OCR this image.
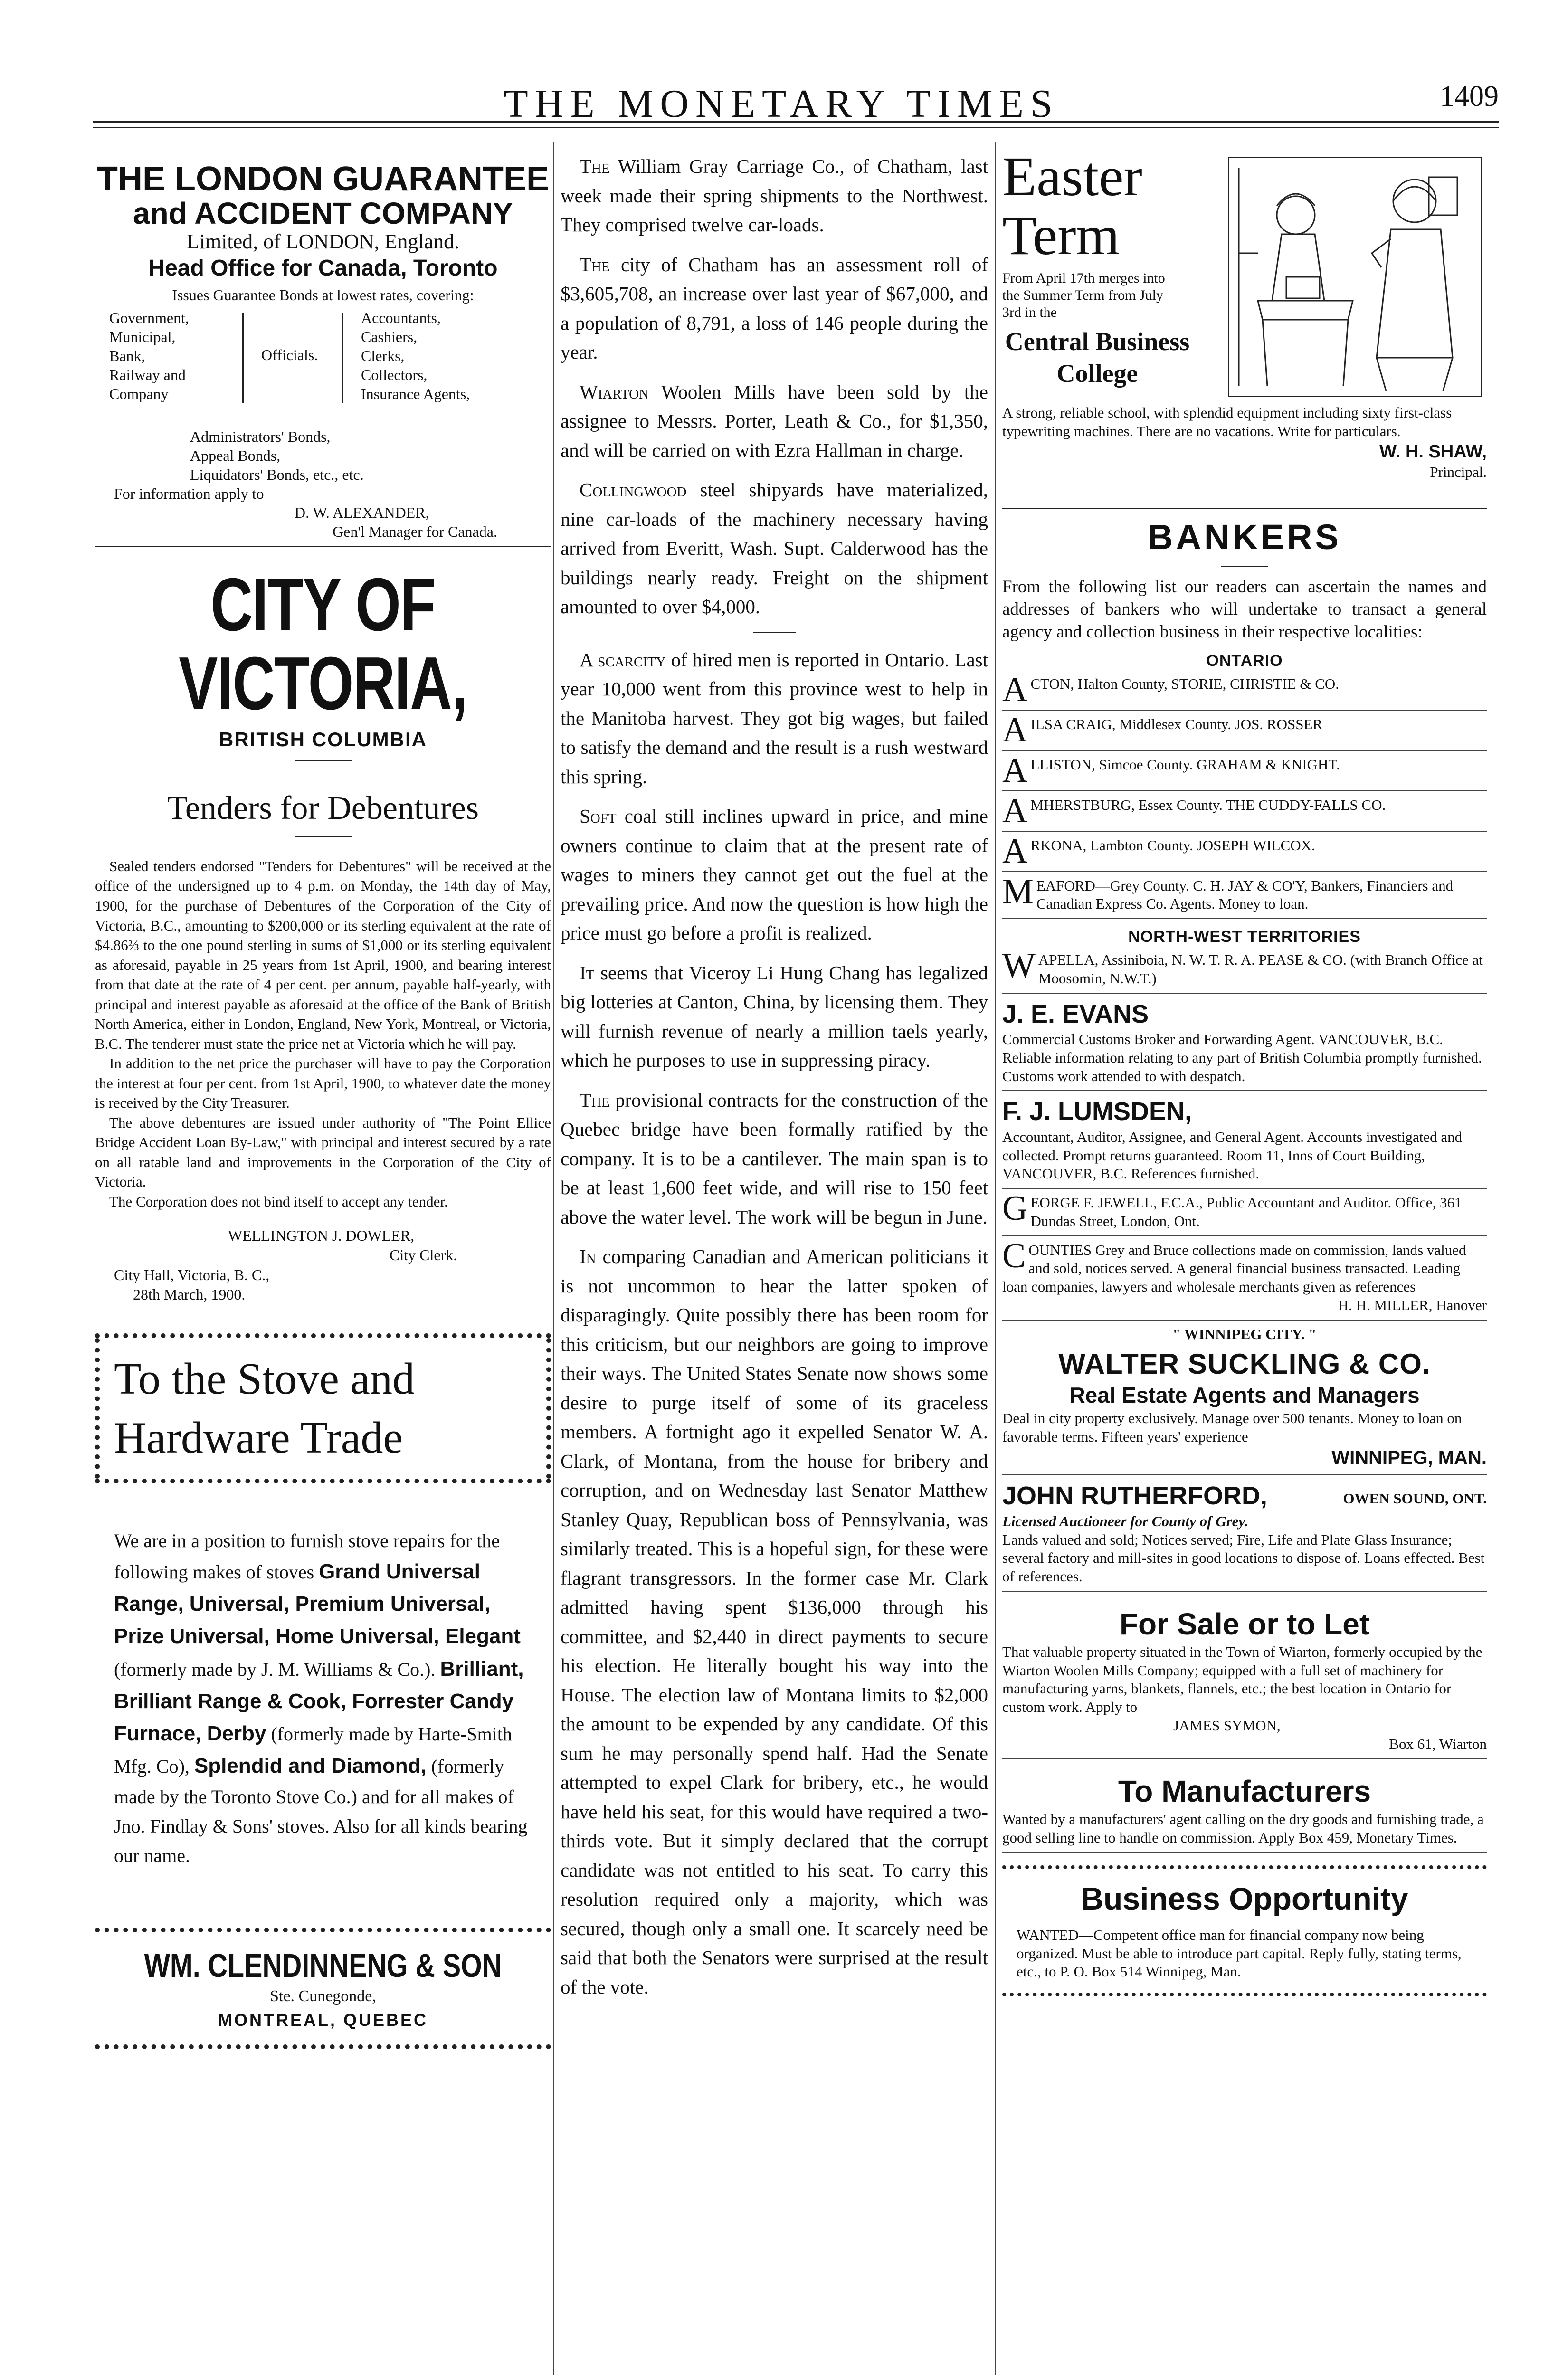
THE MONETARY TIMES	1409
THE LONDON GUARANTEE
and ACCIDENT COMPANY
Limited, of LONDON, England.
Head Office for Canada, Toronto
Issues Guarantee Bonds at lowest rates, covering:
Government,
Municipal,
Bank,
Railway and
Company
Officials.
Accountants,
Cashiers,
Clerks,
Collectors,
Insurance Agents,
Administrators' Bonds,
Appeal Bonds,
Liquidators' Bonds, etc., etc.
For information apply to
D. W. ALEXANDER,
Gen'l Manager for Canada.
CITY OF VICTORIA,
BRITISH COLUMBIA
Tenders for Debentures

Sealed tenders endorsed "Tenders for Debentures" will be received at the office of the undersigned up to 4 p.m. on Monday, the 14th day of May, 1900, for the purchase of Debentures of the Corporation of the City of Victoria, B.C., amounting to $200,000 or its sterling equivalent at the rate of $4.86⅔ to the one pound sterling in sums of $1,000 or its sterling equivalent as aforesaid, payable in 25 years from 1st April, 1900, and bearing interest from that date at the rate of 4 per cent. per annum, payable half-yearly, with principal and interest payable as aforesaid at the office of the Bank of British North America, either in London, England, New York, Montreal, or Victoria, B.C. The tenderer must state the price net at Victoria which he will pay.

In addition to the net price the purchaser will have to pay the Corporation the interest at four per cent. from 1st April, 1900, to whatever date the money is received by the City Treasurer.

The above debentures are issued under authority of "The Point Ellice Bridge Accident Loan By-Law," with principal and interest secured by a rate on all ratable land and improvements in the Corporation of the City of Victoria.

The Corporation does not bind itself to accept any tender.

WELLINGTON J. DOWLER,
City Clerk.
City Hall, Victoria, B. C.,
28th March, 1900.
To the Stove and
Hardware Trade
We are in a position to furnish stove repairs for the following makes of stoves Grand Universal Range, Universal, Premium Universal, Prize Universal, Home Universal, Elegant (formerly made by J. M. Williams & Co.). Brilliant, Brilliant Range & Cook, Forrester Candy Furnace, Derby (formerly made by Harte-Smith Mfg. Co), Splendid and Diamond, (formerly made by the Toronto Stove Co.) and for all makes of Jno. Findlay & Sons' stoves. Also for all kinds bearing our name.
WM. CLENDINNENG & SON
Ste. Cunegonde,
MONTREAL, QUEBEC

The William Gray Carriage Co., of Chatham, last week made their spring shipments to the Northwest. They comprised twelve car-loads.

The city of Chatham has an assessment roll of $3,605,708, an increase over last year of $67,000, and a population of 8,791, a loss of 146 people during the year.

Wiarton Woolen Mills have been sold by the assignee to Messrs. Porter, Leath & Co., for $1,350, and will be carried on with Ezra Hallman in charge.

Collingwood steel shipyards have materialized, nine car-loads of the machinery necessary having arrived from Everitt, Wash. Supt. Calderwood has the buildings nearly ready. Freight on the shipment amounted to over $4,000.

A scarcity of hired men is reported in Ontario. Last year 10,000 went from this province west to help in the Manitoba harvest. They got big wages, but failed to satisfy the demand and the result is a rush westward this spring.

Soft coal still inclines upward in price, and mine owners continue to claim that at the present rate of wages to miners they cannot get out the fuel at the prevailing price. And now the question is how high the price must go before a profit is realized.

It seems that Viceroy Li Hung Chang has legalized big lotteries at Canton, China, by licensing them. They will furnish revenue of nearly a million taels yearly, which he purposes to use in suppressing piracy.

The provisional contracts for the construction of the Quebec bridge have been formally ratified by the company. It is to be a cantilever. The main span is to be at least 1,600 feet wide, and will rise to 150 feet above the water level. The work will be begun in June.

In comparing Canadian and American politicians it is not uncommon to hear the latter spoken of disparagingly. Quite possibly there has been room for this criticism, but our neighbors are going to improve their ways. The United States Senate now shows some desire to purge itself of some of its graceless members. A fortnight ago it expelled Senator W. A. Clark, of Montana, from the house for bribery and corruption, and on Wednesday last Senator Matthew Stanley Quay, Republican boss of Pennsylvania, was similarly treated. This is a hopeful sign, for these were flagrant transgressors. In the former case Mr. Clark admitted having spent $136,000 through his committee, and $2,440 in direct payments to secure his election. He literally bought his way into the House. The election law of Montana limits to $2,000 the amount to be expended by any candidate. Of this sum he may personally spend half. Had the Senate attempted to expel Clark for bribery, etc., he would have held his seat, for this would have required a two-thirds vote. But it simply declared that the corrupt candidate was not entitled to his seat. To carry this resolution required only a majority, which was secured, though only a small one. It scarcely need be said that both the Senators were surprised at the result of the vote.

Easter
Term
From April 17th merges into the Summer Term from July 3rd in the
Central Business
College
A strong, reliable school, with splendid equipment including sixty first-class typewriting machines. There are no vacations. Write for particulars.
W. H. SHAW,
Principal.
BANKERS
From the following list our readers can ascertain the names and addresses of bankers who will undertake to transact a general agency and collection business in their respective localities:
ONTARIO
ACTON, Halton County, STORIE, CHRISTIE & CO.
AILSA CRAIG, Middlesex County. JOS. ROSSER
ALLISTON, Simcoe County. GRAHAM & KNIGHT.
AMHERSTBURG, Essex County. THE CUDDY-FALLS CO.
ARKONA, Lambton County. JOSEPH WILCOX.
MEAFORD—Grey County. C. H. JAY & CO'Y, Bankers, Financiers and Canadian Express Co. Agents. Money to loan.
NORTH-WEST TERRITORIES
WAPELLA, Assiniboia, N. W. T. R. A. PEASE & CO. (with Branch Office at Moosomin, N.W.T.)
J. E. EVANS
Commercial Customs Broker and Forwarding Agent. VANCOUVER, B.C. Reliable information relating to any part of British Columbia promptly furnished. Customs work attended to with despatch.
F. J. LUMSDEN,
Accountant, Auditor, Assignee, and General Agent. Accounts investigated and collected. Prompt returns guaranteed. Room 11, Inns of Court Building, VANCOUVER, B.C. References furnished.
GEORGE F. JEWELL, F.C.A., Public Accountant and Auditor. Office, 361 Dundas Street, London, Ont.
COUNTIES Grey and Bruce collections made on commission, lands valued and sold, notices served. A general financial business transacted. Leading loan companies, lawyers and wholesale merchants given as references
H. H. MILLER, Hanover
" WINNIPEG CITY. "
WALTER SUCKLING & CO.
Real Estate Agents and Managers
Deal in city property exclusively. Manage over 500 tenants. Money to loan on favorable terms. Fifteen years' experience
WINNIPEG, MAN.
JOHN RUTHERFORD,	OWEN SOUND, ONT.
Licensed Auctioneer for County of Grey.
Lands valued and sold; Notices served; Fire, Life and Plate Glass Insurance; several factory and mill-sites in good locations to dispose of. Loans effected. Best of references.
For Sale or to Let
That valuable property situated in the Town of Wiarton, formerly occupied by the Wiarton Woolen Mills Company; equipped with a full set of machinery for manufacturing yarns, blankets, flannels, etc.; the best location in Ontario for custom work. Apply to
JAMES SYMON,
Box 61, Wiarton
To Manufacturers
Wanted by a manufacturers' agent calling on the dry goods and furnishing trade, a good selling line to handle on commission. Apply Box 459, Monetary Times.
Business Opportunity
WANTED—Competent office man for financial company now being organized. Must be able to introduce part capital. Reply fully, stating terms, etc., to P. O. Box 514 Winnipeg, Man.
